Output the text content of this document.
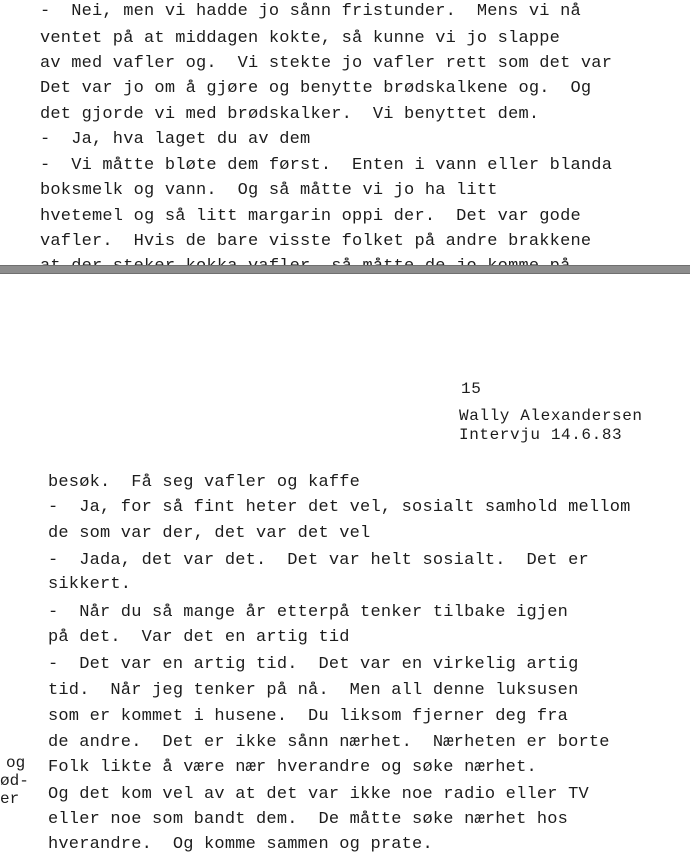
-  Nei, men vi hadde jo sånn fristunder.  Mens vi nå
ventet på at middagen kokte, så kunne vi jo slappe
av med vafler og.  Vi stekte jo vafler rett som det var
Det var jo om å gjøre og benytte brødskalkene og.  Og
det gjorde vi med brødskalker.  Vi benyttet dem.
-  Ja, hva laget du av dem
-  Vi måtte bløte dem først.  Enten i vann eller blanda
boksmelk og vann.  Og så måtte vi jo ha litt
hvetemel og så litt margarin oppi der.  Det var gode
vafler.  Hvis de bare visste folket på andre brakkene
15
Wally Alexandersen
Intervju 14.6.83
besøk.  Få seg vafler og kaffe
-  Ja, for så fint heter det vel, sosialt samhold mellom
de som var der, det var det vel
-  Jada, det var det.  Det var helt sosialt.  Det er
sikkert.
-  Når du så mange år etterpå tenker tilbake igjen
på det.  Var det en artig tid
-  Det var en artig tid.  Det var en virkelig artig
tid.  Når jeg tenker på nå.  Men all denne luksusen
som er kommet i husene.  Du liksom fjerner deg fra
de andre.  Det er ikke sånn nærhet.  Nærheten er borte
Folk likte å være nær hverandre og søke nærhet.
Og det kom vel av at det var ikke noe radio eller TV
eller noe som bandt dem.  De måtte søke nærhet hos
hverandre.  Og komme sammen og prate.
og
ød-
er
